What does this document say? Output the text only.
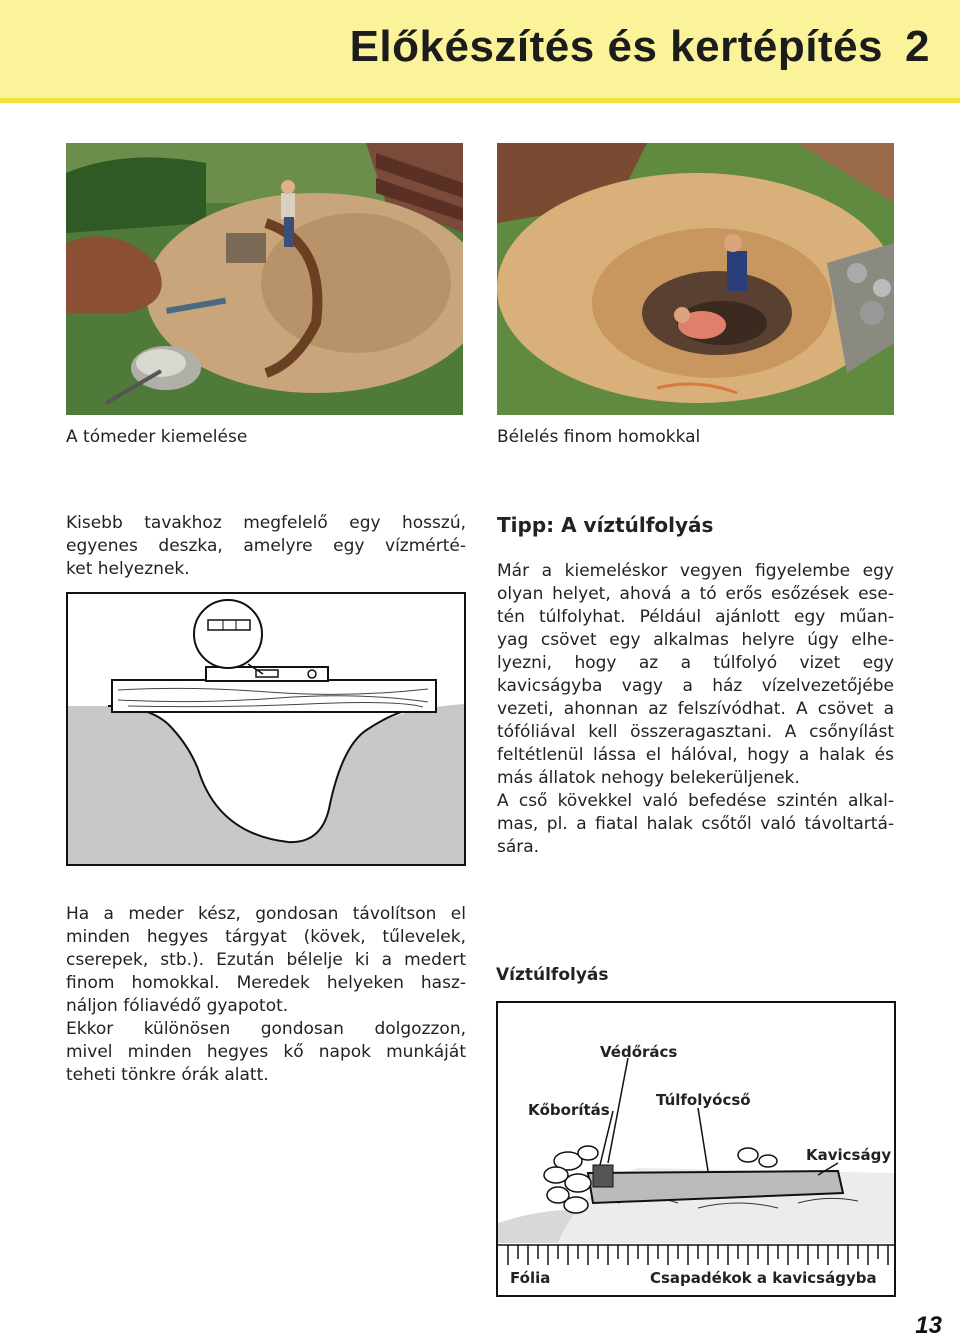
Előkészítés és kertépítés 2
A tómeder kiemelése	Bélelés finom homokkal

Kisebb tavakhoz megfelelő egy hosszú,
egyenes deszka, amelyre egy vízmérté-
ket helyeznek.

Tipp: A víztúlfolyás

Már a kiemeléskor vegyen figyelembe egy
olyan helyet, ahová a tó erős esőzések ese-
tén túlfolyhat. Például ajánlott egy műan-
yag csövet egy alkalmas helyre úgy elhe-
lyezni, hogy az a túlfolyó vizet egy
kavicságyba vagy a ház vízelvezetőjébe
vezeti, ahonnan az felszívódhat. A csövet a
tófóliával kell összeragasztani. A csőnyílást
feltétlenül lássa el hálóval, hogy a halak és
más állatok nehogy belekerüljenek.
A cső kövekkel való befedése szintén alkal-
mas, pl. a fiatal halak csőtől való távoltartá-
sára.

Ha a meder kész, gondosan távolítson el
minden hegyes tárgyat (kövek, tűlevelek,
cserepek, stb.). Ezután bélelje ki a medert
finom homokkal. Meredek helyeken hasz-
náljon fóliavédő gyapotot.
Ekkor különösen gondosan dolgozzon,
mivel minden hegyes kő napok munkáját
teheti tönkre órák alatt.

Víztúlfolyás
Védőrács
Kőborítás
Túlfolyócső
Kavicságy
Fólia	Csapadékok a kavicságyba
13
